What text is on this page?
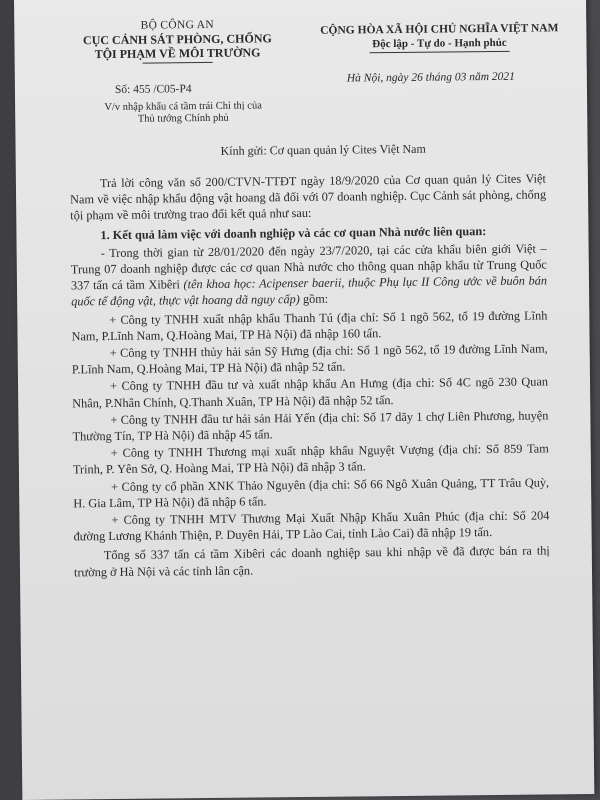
BỘ CÔNG AN
CỤC CẢNH SÁT PHÒNG, CHỐNG
TỘI PHẠM VỀ MÔI TRƯỜNG
CỘNG HÒA XÃ HỘI CHỦ NGHĨA VIỆT NAM
Độc lập - Tự do - Hạnh phúc
Số: 455 /C05-P4
V/v nhập khẩu cá tầm trái Chỉ thị của
Thủ tướng Chính phủ
Hà Nội, ngày 26 tháng 03 năm 2021
Kính gửi: Cơ quan quản lý Cites Việt Nam

Trả lời công văn số 200/CTVN-TTĐT ngày 18/9/2020 của Cơ quan quản lý Cites Việt Nam về việc nhập khẩu động vật hoang dã đối với 07 doanh nghiệp. Cục Cảnh sát phòng, chống tội phạm về môi trường trao đổi kết quả như sau:

1. Kết quả làm việc với doanh nghiệp và các cơ quan Nhà nước liên quan:

- Trong thời gian từ 28/01/2020 đến ngày 23/7/2020, tại các cửa khẩu biên giới Việt – Trung 07 doanh nghiệp được các cơ quan Nhà nước cho thông quan nhập khẩu từ Trung Quốc 337 tấn cá tầm Xibêri (tên khoa học: Acipenser baerii, thuộc Phụ lục II Công ước về buôn bán quốc tế động vật, thực vật hoang dã nguy cấp) gồm:

+ Công ty TNHH xuất nhập khẩu Thanh Tú (địa chỉ: Số 1 ngõ 562, tổ 19 đường Lĩnh Nam, P.Lĩnh Nam, Q.Hoàng Mai, TP Hà Nội) đã nhập 160 tấn.

+ Công ty TNHH thủy hải sản Sỹ Hưng (địa chỉ: Số 1 ngõ 562, tổ 19 đường Lĩnh Nam, P.Lĩnh Nam, Q.Hoàng Mai, TP Hà Nội) đã nhập 52 tấn.

+ Công ty TNHH đầu tư và xuất nhập khẩu An Hưng (địa chỉ: Số 4C ngõ 230 Quan Nhân, P.Nhân Chính, Q.Thanh Xuân, TP Hà Nội) đã nhập 52 tấn.

+ Công ty TNHH đầu tư hải sản Hải Yến (địa chỉ: Số 17 dãy 1 chợ Liên Phương, huyện Thường Tín, TP Hà Nội) đã nhập 45 tấn.

+ Công ty TNHH Thương mại xuất nhập khẩu Nguyệt Vượng (địa chỉ: Số 859 Tam Trinh, P. Yên Sở, Q. Hoàng Mai, TP Hà Nội) đã nhập 3 tấn.

+ Công ty cổ phần XNK Thảo Nguyên (địa chỉ: Số 66 Ngô Xuân Quảng, TT Trâu Quỳ, H. Gia Lâm, TP Hà Nội) đã nhập 6 tấn.

+ Công ty TNHH MTV Thương Mại Xuất Nhập Khẩu Xuân Phúc (địa chỉ: Số 204 đường Lương Khánh Thiện, P. Duyên Hải, TP Lào Cai, tỉnh Lào Cai) đã nhập 19 tấn.

Tổng số 337 tấn cá tầm Xibêri các doanh nghiệp sau khi nhập về đã được bán ra thị trường ở Hà Nội và các tỉnh lân cận.
